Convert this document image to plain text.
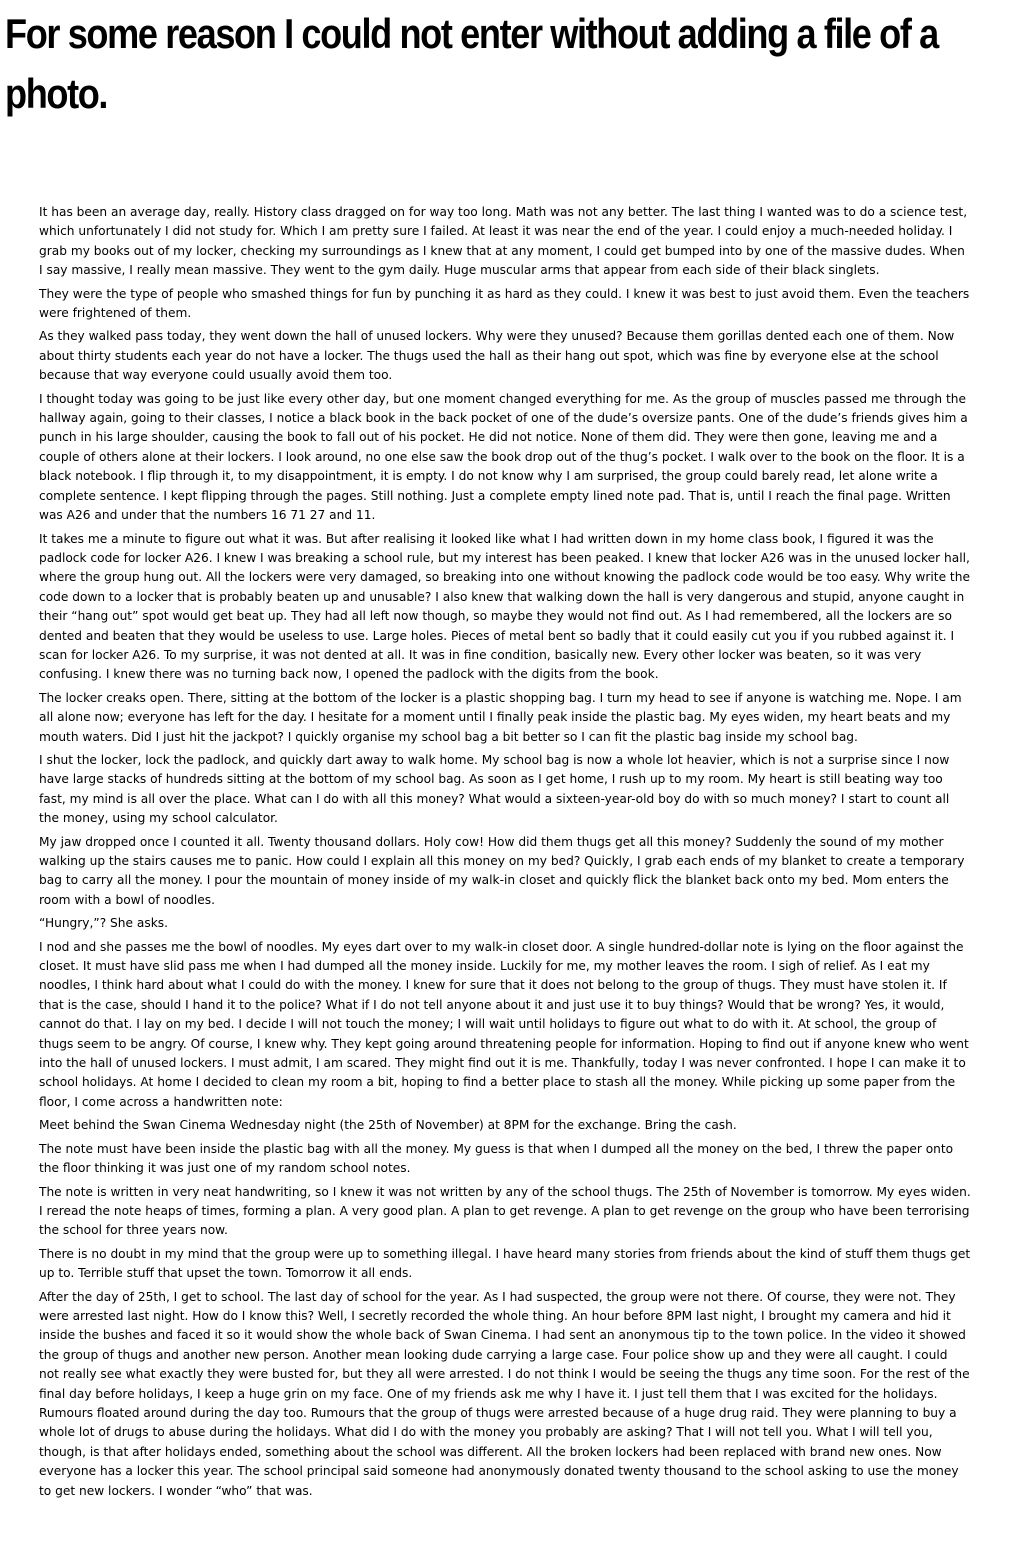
For some reason I could not enter without adding a file of a photo.

It has been an average day, really. History class dragged on for way too long. Math was not any better. The last thing I wanted was to do a science test, which unfortunately I did not study for. Which I am pretty sure I failed. At least it was near the end of the year. I could enjoy a much-needed holiday. I grab my books out of my locker, checking my surroundings as I knew that at any moment, I could get bumped into by one of the massive dudes. When I say massive, I really mean massive. They went to the gym daily. Huge muscular arms that appear from each side of their black singlets.

They were the type of people who smashed things for fun by punching it as hard as they could. I knew it was best to just avoid them. Even the teachers were frightened of them.

As they walked pass today, they went down the hall of unused lockers. Why were they unused? Because them gorillas dented each one of them. Now about thirty students each year do not have a locker. The thugs used the hall as their hang out spot, which was fine by everyone else at the school because that way everyone could usually avoid them too.

I thought today was going to be just like every other day, but one moment changed everything for me. As the group of muscles passed me through the hallway again, going to their classes, I notice a black book in the back pocket of one of the dude’s oversize pants. One of the dude’s friends gives him a punch in his large shoulder, causing the book to fall out of his pocket. He did not notice. None of them did. They were then gone, leaving me and a couple of others alone at their lockers. I look around, no one else saw the book drop out of the thug’s pocket. I walk over to the book on the floor. It is a black notebook. I flip through it, to my disappointment, it is empty. I do not know why I am surprised, the group could barely read, let alone write a complete sentence. I kept flipping through the pages. Still nothing. Just a complete empty lined note pad. That is, until I reach the final page. Written was A26 and under that the numbers 16 71 27 and 11.

It takes me a minute to figure out what it was. But after realising it looked like what I had written down in my home class book, I figured it was the padlock code for locker A26. I knew I was breaking a school rule, but my interest has been peaked. I knew that locker A26 was in the unused locker hall, where the group hung out. All the lockers were very damaged, so breaking into one without knowing the padlock code would be too easy. Why write the code down to a locker that is probably beaten up and unusable? I also knew that walking down the hall is very dangerous and stupid, anyone caught in their “hang out” spot would get beat up. They had all left now though, so maybe they would not find out. As I had remembered, all the lockers are so dented and beaten that they would be useless to use. Large holes. Pieces of metal bent so badly that it could easily cut you if you rubbed against it. I scan for locker A26. To my surprise, it was not dented at all. It was in fine condition, basically new. Every other locker was beaten, so it was very confusing. I knew there was no turning back now, I opened the padlock with the digits from the book.

The locker creaks open. There, sitting at the bottom of the locker is a plastic shopping bag. I turn my head to see if anyone is watching me. Nope. I am all alone now; everyone has left for the day. I hesitate for a moment until I finally peak inside the plastic bag. My eyes widen, my heart beats and my mouth waters. Did I just hit the jackpot? I quickly organise my school bag a bit better so I can fit the plastic bag inside my school bag.

I shut the locker, lock the padlock, and quickly dart away to walk home. My school bag is now a whole lot heavier, which is not a surprise since I now have large stacks of hundreds sitting at the bottom of my school bag. As soon as I get home, I rush up to my room. My heart is still beating way too fast, my mind is all over the place. What can I do with all this money? What would a sixteen-year-old boy do with so much money? I start to count all the money, using my school calculator.

My jaw dropped once I counted it all. Twenty thousand dollars. Holy cow! How did them thugs get all this money? Suddenly the sound of my mother walking up the stairs causes me to panic. How could I explain all this money on my bed? Quickly, I grab each ends of my blanket to create a temporary bag to carry all the money. I pour the mountain of money inside of my walk-in closet and quickly flick the blanket back onto my bed. Mom enters the room with a bowl of noodles.

“Hungry,”? She asks.

I nod and she passes me the bowl of noodles. My eyes dart over to my walk-in closet door. A single hundred-dollar note is lying on the floor against the closet. It must have slid pass me when I had dumped all the money inside. Luckily for me, my mother leaves the room. I sigh of relief. As I eat my noodles, I think hard about what I could do with the money. I knew for sure that it does not belong to the group of thugs. They must have stolen it. If that is the case, should I hand it to the police? What if I do not tell anyone about it and just use it to buy things? Would that be wrong? Yes, it would, cannot do that. I lay on my bed. I decide I will not touch the money; I will wait until holidays to figure out what to do with it. At school, the group of thugs seem to be angry. Of course, I knew why. They kept going around threatening people for information. Hoping to find out if anyone knew who went into the hall of unused lockers. I must admit, I am scared. They might find out it is me. Thankfully, today I was never confronted. I hope I can make it to school holidays. At home I decided to clean my room a bit, hoping to find a better place to stash all the money. While picking up some paper from the floor, I come across a handwritten note:

Meet behind the Swan Cinema Wednesday night (the 25th of November) at 8PM for the exchange. Bring the cash.

The note must have been inside the plastic bag with all the money. My guess is that when I dumped all the money on the bed, I threw the paper onto the floor thinking it was just one of my random school notes.

The note is written in very neat handwriting, so I knew it was not written by any of the school thugs. The 25th of November is tomorrow. My eyes widen. I reread the note heaps of times, forming a plan. A very good plan. A plan to get revenge. A plan to get revenge on the group who have been terrorising the school for three years now.

There is no doubt in my mind that the group were up to something illegal. I have heard many stories from friends about the kind of stuff them thugs get up to. Terrible stuff that upset the town. Tomorrow it all ends.

After the day of 25th, I get to school. The last day of school for the year. As I had suspected, the group were not there. Of course, they were not. They were arrested last night. How do I know this? Well, I secretly recorded the whole thing. An hour before 8PM last night, I brought my camera and hid it inside the bushes and faced it so it would show the whole back of Swan Cinema. I had sent an anonymous tip to the town police. In the video it showed the group of thugs and another new person. Another mean looking dude carrying a large case. Four police show up and they were all caught. I could not really see what exactly they were busted for, but they all were arrested. I do not think I would be seeing the thugs any time soon. For the rest of the final day before holidays, I keep a huge grin on my face. One of my friends ask me why I have it. I just tell them that I was excited for the holidays. Rumours floated around during the day too. Rumours that the group of thugs were arrested because of a huge drug raid. They were planning to buy a whole lot of drugs to abuse during the holidays. What did I do with the money you probably are asking? That I will not tell you. What I will tell you, though, is that after holidays ended, something about the school was different. All the broken lockers had been replaced with brand new ones. Now everyone has a locker this year. The school principal said someone had anonymously donated twenty thousand to the school asking to use the money to get new lockers. I wonder “who” that was.
